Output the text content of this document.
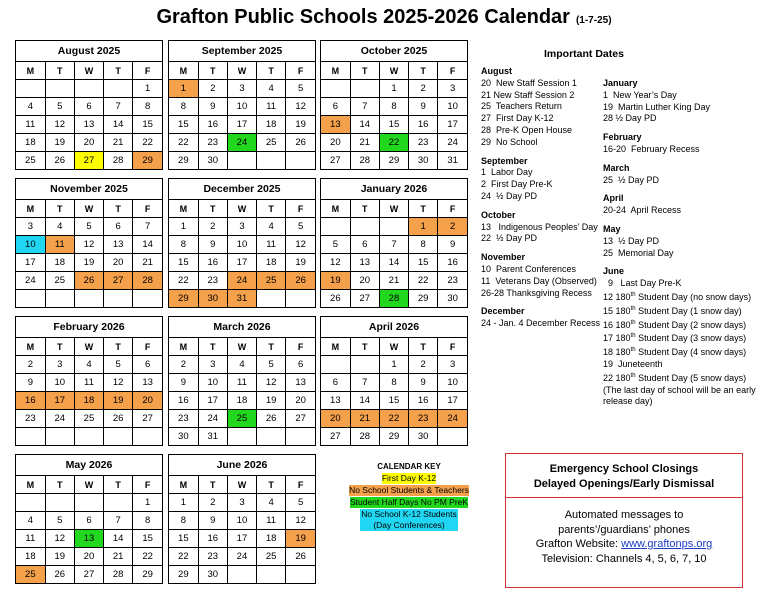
Grafton Public Schools 2025-2026 Calendar (1-7-25)
August 2025
M	T	W	T	F
				1
4	5	6	7	8
11	12	13	14	15
18	19	20	21	22
25	26	27	28	29
September 2025
M	T	W	T	F
1	2	3	4	5
8	9	10	11	12
15	16	17	18	19
22	23	24	25	26
29	30			
October 2025
M	T	W	T	F
		1	2	3
6	7	8	9	10
13	14	15	16	17
20	21	22	23	24
27	28	29	30	31
November 2025
M	T	W	T	F
3	4	5	6	7
10	11	12	13	14
17	18	19	20	21
24	25	26	27	28

December 2025
M	T	W	T	F
1	2	3	4	5
8	9	10	11	12
15	16	17	18	19
22	23	24	25	26
29	30	31		
January 2026
M	T	W	T	F
			1	2
5	6	7	8	9
12	13	14	15	16
19	20	21	22	23
26	27	28	29	30
February 2026
M	T	W	T	F
2	3	4	5	6
9	10	11	12	13
16	17	18	19	20
23	24	25	26	27

March 2026
M	T	W	T	F
2	3	4	5	6
9	10	11	12	13
16	17	18	19	20
23	24	25	26	27
30	31			
April 2026
M	T	W	T	F
		1	2	3
6	7	8	9	10
13	14	15	16	17
20	21	22	23	24
27	28	29	30	
May 2026
M	T	W	T	F
				1
4	5	6	7	8
11	12	13	14	15
18	19	20	21	22
25	26	27	28	29
June 2026
M	T	W	T	F
1	2	3	4	5
8	9	10	11	12
15	16	17	18	19
22	23	24	25	26
29	30			
Important Dates
August
20  New Staff Session 1
21 New Staff Session 2
25  Teachers Return
27  First Day K-12
28  Pre-K Open House
29  No School
September
1  Labor Day
2  First Day Pre-K
24  ½ Day PD
October
13   Indigenous Peoples’ Day
22  ½ Day PD
November
10  Parent Conferences
11  Veterans Day (Observed)
26-28 Thanksgiving Recess
December
24 - Jan. 4 December Recess
January
1  New Year’s Day
19  Martin Luther King Day
28 ½ Day PD
February
16-20  February Recess
March
25  ½ Day PD
April
20-24  April Recess
May
13  ½ Day PD
25  Memorial Day
June
9   Last Day Pre-K
12 180th Student Day (no snow days)
15 180th Student Day (1 snow day)
16 180th Student Day (2 snow days)
17 180th Student Day (3 snow days)
18 180th Student Day (4 snow days)
19  Juneteenth
22 180th Student Day (5 snow days)
(The last day of school will be an early
release day)
CALENDAR KEY
First Day K-12
No School Students & Teachers
Student Half Days No PM PreK
No School K-12 Students (Day Conferences)
Emergency School Closings
Delayed Openings/Early Dismissal
Automated messages to
parents’/guardians’ phones
Grafton Website: www.graftonps.org
Television: Channels 4, 5, 6, 7, 10
